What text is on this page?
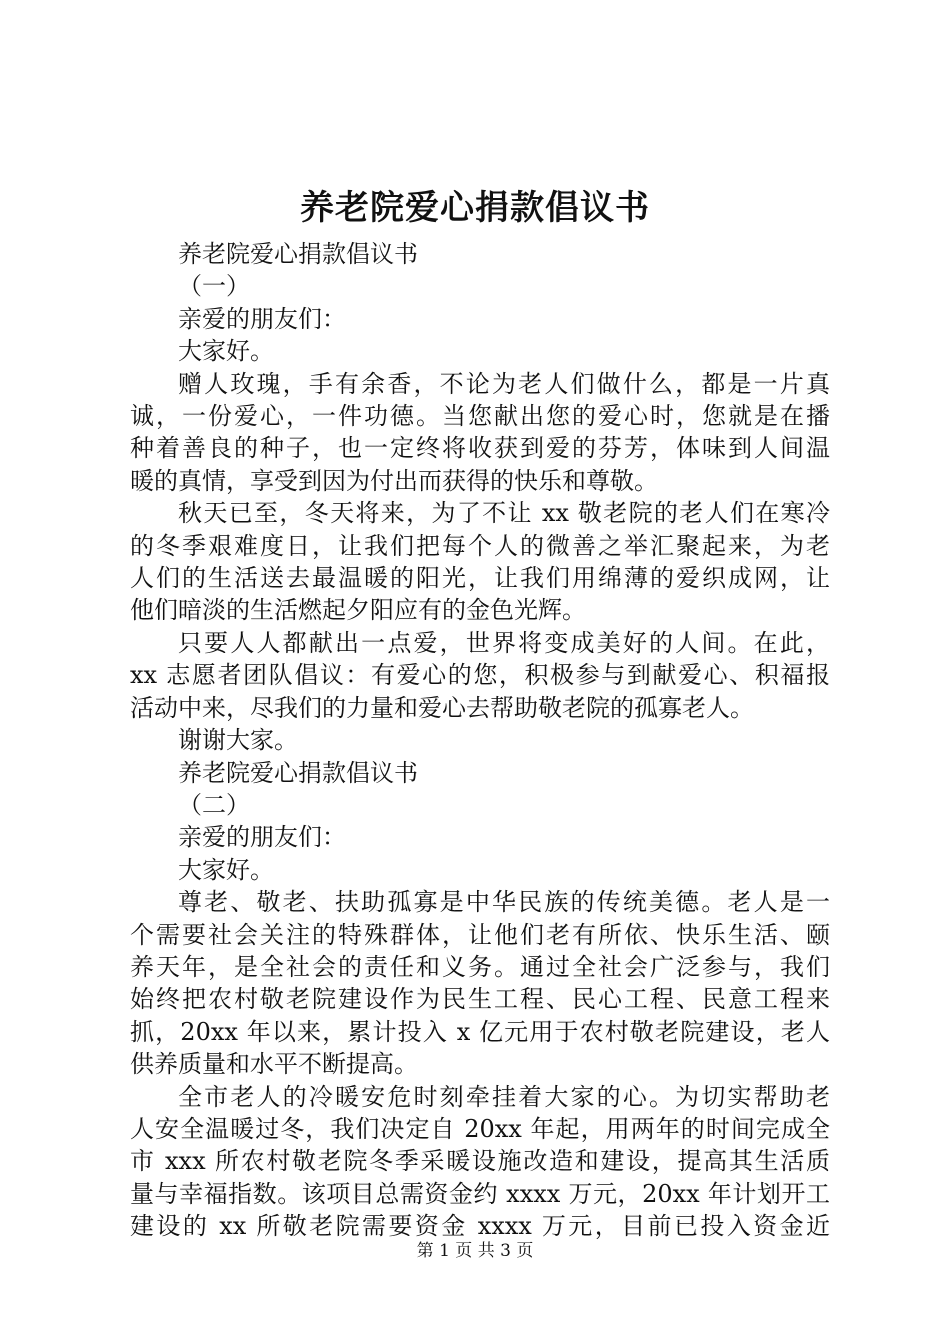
养老院爱心捐款倡议书
养老院爱心捐款倡议书
（一）
亲爱的朋友们：
大家好。
赠人玫瑰，手有余香，不论为老人们做什么，都是一片真
诚，一份爱心，一件功德。当您献出您的爱心时，您就是在播
种着善良的种子，也一定终将收获到爱的芬芳，体味到人间温
暖的真情，享受到因为付出而获得的快乐和尊敬。
秋天已至，冬天将来，为了不让 xx 敬老院的老人们在寒冷
的冬季艰难度日，让我们把每个人的微善之举汇聚起来，为老
人们的生活送去最温暖的阳光，让我们用绵薄的爱织成网，让
他们暗淡的生活燃起夕阳应有的金色光辉。
只要人人都献出一点爱，世界将变成美好的人间。在此，
xx 志愿者团队倡议：有爱心的您，积极参与到献爱心、积福报
活动中来，尽我们的力量和爱心去帮助敬老院的孤寡老人。
谢谢大家。
养老院爱心捐款倡议书
（二）
亲爱的朋友们：
大家好。
尊老、敬老、扶助孤寡是中华民族的传统美德。老人是一
个需要社会关注的特殊群体，让他们老有所依、快乐生活、颐
养天年，是全社会的责任和义务。通过全社会广泛参与，我们
始终把农村敬老院建设作为民生工程、民心工程、民意工程来
抓，20xx 年以来，累计投入 x 亿元用于农村敬老院建设，老人
供养质量和水平不断提高。
全市老人的冷暖安危时刻牵挂着大家的心。为切实帮助老
人安全温暖过冬，我们决定自 20xx 年起，用两年的时间完成全
市 xxx 所农村敬老院冬季采暖设施改造和建设，提高其生活质
量与幸福指数。该项目总需资金约 xxxx 万元，20xx 年计划开工
建设的 xx 所敬老院需要资金 xxxx 万元，目前已投入资金近
第 1 页 共 3 页
